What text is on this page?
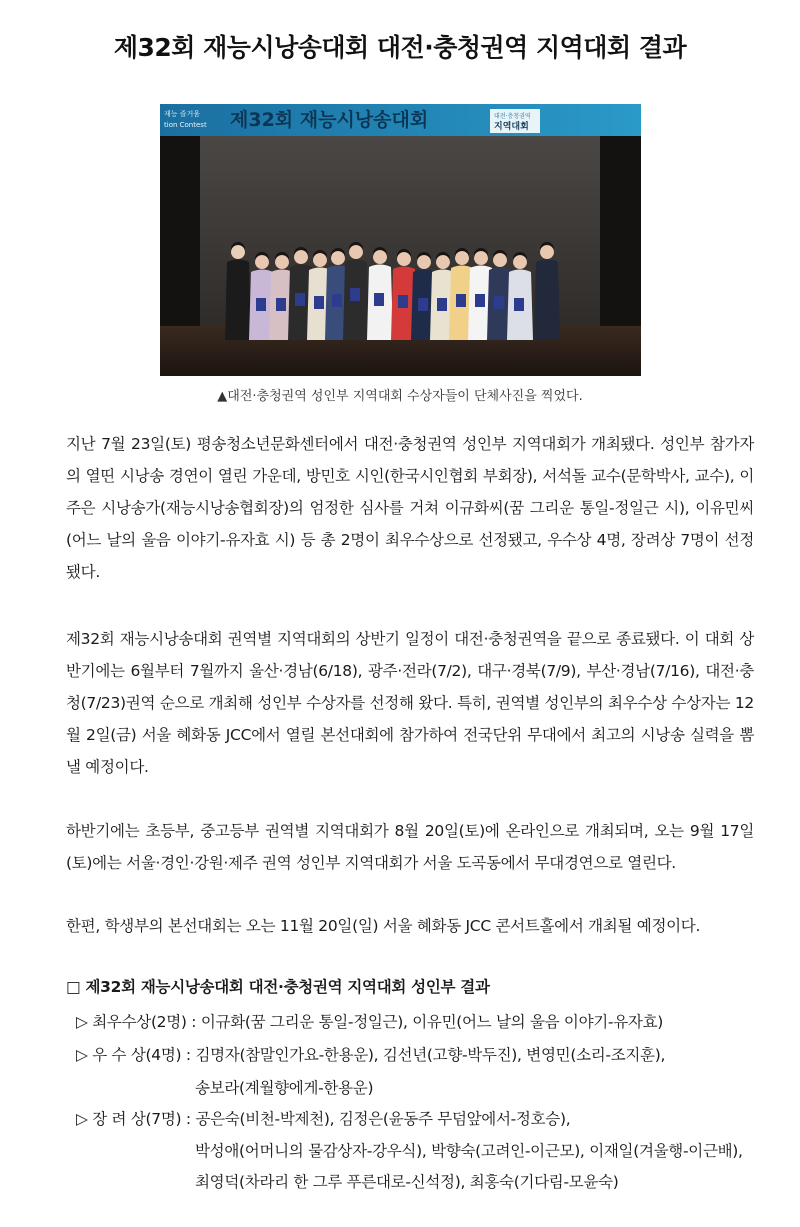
제32회 재능시낭송대회 대전·충청권역 지역대회 결과
재능 즐거움
tion Contest 제32회 재능시낭송대회	대전·충청권역
지역대회
▲대전·충청권역 성인부 지역대회 수상자들이 단체사진을 찍었다.

지난 7월 23일(토) 평송청소년문화센터에서 대전·충청권역 성인부 지역대회가 개최됐다. 성인부 참가자의 열띤 시낭송 경연이 열린 가운데, 방민호 시인(한국시인협회 부회장), 서석돌 교수(문학박사, 교수), 이주은 시낭송가(재능시낭송협회장)의 엄정한 심사를 거쳐 이규화씨(꿈 그리운 통일-정일근 시), 이유민씨(어느 날의 울음 이야기-유자효 시) 등 총 2명이 최우수상으로 선정됐고, 우수상 4명, 장려상 7명이 선정됐다.

제32회 재능시낭송대회 권역별 지역대회의 상반기 일정이 대전·충청권역을 끝으로 종료됐다. 이 대회 상반기에는 6월부터 7월까지 울산·경남(6/18), 광주·전라(7/2), 대구·경북(7/9), 부산·경남(7/16), 대전·충청(7/23)권역 순으로 개최해 성인부 수상자를 선정해 왔다. 특히, 권역별 성인부의 최우수상 수상자는 12월 2일(금) 서울 혜화동 JCC에서 열릴 본선대회에 참가하여 전국단위 무대에서 최고의 시낭송 실력을 뽐낼 예정이다.

하반기에는 초등부, 중고등부 권역별 지역대회가 8월 20일(토)에 온라인으로 개최되며, 오는 9월 17일(토)에는 서울·경인·강원·제주 권역 성인부 지역대회가 서울 도곡동에서 무대경연으로 열린다.

한편, 학생부의 본선대회는 오는 11월 20일(일) 서울 혜화동 JCC 콘서트홀에서 개최될 예정이다.

□ 제32회 재능시낭송대회 대전·충청권역 지역대회 성인부 결과
▷ 최우수상(2명) : 이규화(꿈 그리운 통일-정일근), 이유민(어느 날의 울음 이야기-유자효)
▷ 우 수 상(4명) : 김명자(참말인가요-한용운), 김선년(고향-박두진), 변영민(소리-조지훈),
송보라(계월향에게-한용운)
▷ 장 려 상(7명) : 공은숙(비천-박제천), 김정은(윤동주 무덤앞에서-정호승),
박성애(어머니의 물감상자-강우식), 박향숙(고려인-이근모), 이재일(겨울행-이근배),
최영덕(차라리 한 그루 푸른대로-신석정), 최홍숙(기다림-모윤숙)
